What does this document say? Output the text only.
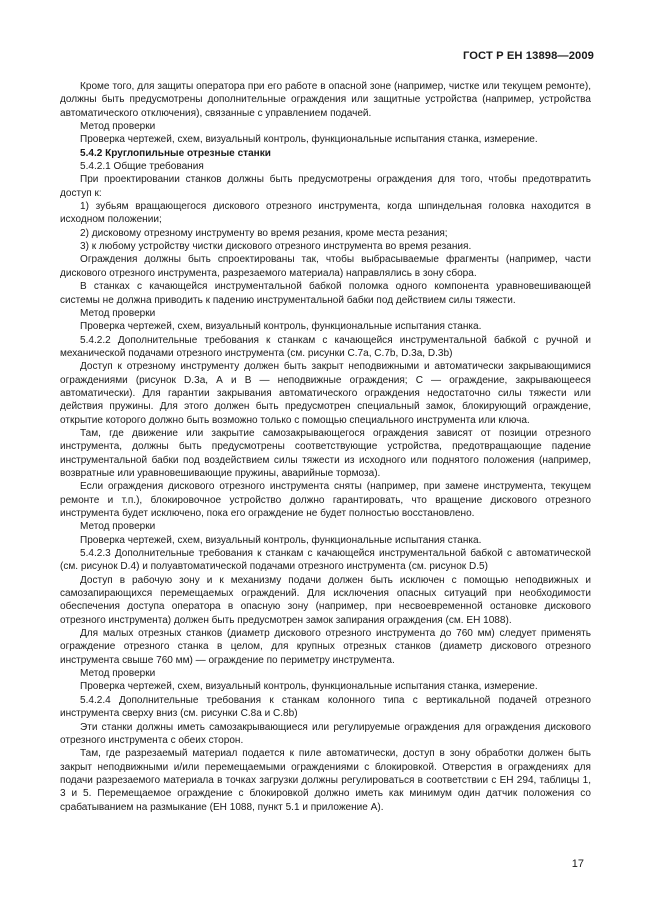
ГОСТ Р ЕН 13898—2009

Кроме того, для защиты оператора при его работе в опасной зоне (например, чистке или текущем ремонте), должны быть предусмотрены дополнительные ограждения или защитные устройства (например, устройства автоматического отключения), связанные с управлением подачей.

Метод проверки

Проверка чертежей, схем, визуальный контроль, функциональные испытания станка, измерение.

5.4.2 Круглопильные отрезные станки

5.4.2.1 Общие требования

При проектировании станков должны быть предусмотрены ограждения для того, чтобы предотвратить доступ к:

1) зубьям вращающегося дискового отрезного инструмента, когда шпиндельная головка находится в исходном положении;

2) дисковому отрезному инструменту во время резания, кроме места резания;

3) к любому устройству чистки дискового отрезного инструмента во время резания.

Ограждения должны быть спроектированы так, чтобы выбрасываемые фрагменты (например, части дискового отрезного инструмента, разрезаемого материала) направлялись в зону сбора.

В станках с качающейся инструментальной бабкой поломка одного компонента уравновешивающей системы не должна приводить к падению инструментальной бабки под действием силы тяжести.

Метод проверки

Проверка чертежей, схем, визуальный контроль, функциональные испытания станка.

5.4.2.2 Дополнительные требования к станкам с качающейся инструментальной бабкой с ручной и механической подачами отрезного инструмента (см. рисунки С.7а, С.7b, D.3а, D.3b)

Доступ к отрезному инструменту должен быть закрыт неподвижными и автоматически закрывающимися ограждениями (рисунок D.3а, А и В — неподвижные ограждения; С — ограждение, закрывающееся автоматически). Для гарантии закрывания автоматического ограждения недостаточно силы тяжести или действия пружины. Для этого должен быть предусмотрен специальный замок, блокирующий ограждение, открытие которого должно быть возможно только с помощью специального инструмента или ключа.

Там, где движение или закрытие самозакрывающегося ограждения зависят от позиции отрезного инструмента, должны быть предусмотрены соответствующие устройства, предотвращающие падение инструментальной бабки под воздействием силы тяжести из исходного или поднятого положения (например, возвратные или уравновешивающие пружины, аварийные тормоза).

Если ограждения дискового отрезного инструмента сняты (например, при замене инструмента, текущем ремонте и т.п.), блокировочное устройство должно гарантировать, что вращение дискового отрезного инструмента будет исключено, пока его ограждение не будет полностью восстановлено.

Метод проверки

Проверка чертежей, схем, визуальный контроль, функциональные испытания станка.

5.4.2.3 Дополнительные требования к станкам с качающейся инструментальной бабкой с автоматической (см. рисунок D.4) и полуавтоматической подачами отрезного инструмента (см. рисунок D.5)

Доступ в рабочую зону и к механизму подачи должен быть исключен с помощью неподвижных и самозапирающихся перемещаемых ограждений. Для исключения опасных ситуаций при необходимости обеспечения доступа оператора в опасную зону (например, при несвоевременной остановке дискового отрезного инструмента) должен быть предусмотрен замок запирания ограждения (см. ЕН 1088).

Для малых отрезных станков (диаметр дискового отрезного инструмента до 760 мм) следует применять ограждение отрезного станка в целом, для крупных отрезных станков (диаметр дискового отрезного инструмента свыше 760 мм) — ограждение по периметру инструмента.

Метод проверки

Проверка чертежей, схем, визуальный контроль, функциональные испытания станка, измерение.

5.4.2.4 Дополнительные требования к станкам колонного типа с вертикальной подачей отрезного инструмента сверху вниз (см. рисунки С.8а и С.8b)

Эти станки должны иметь самозакрывающиеся или регулируемые ограждения для ограждения дискового отрезного инструмента с обеих сторон.

Там, где разрезаемый материал подается к пиле автоматически, доступ в зону обработки должен быть закрыт неподвижными и/или перемещаемыми ограждениями с блокировкой. Отверстия в ограждениях для подачи разрезаемого материала в точках загрузки должны регулироваться в соответствии с ЕН 294, таблицы 1, 3 и 5. Перемещаемое ограждение с блокировкой должно иметь как минимум один датчик положения со срабатыванием на размыкание (ЕН 1088, пункт 5.1 и приложение А).

17
